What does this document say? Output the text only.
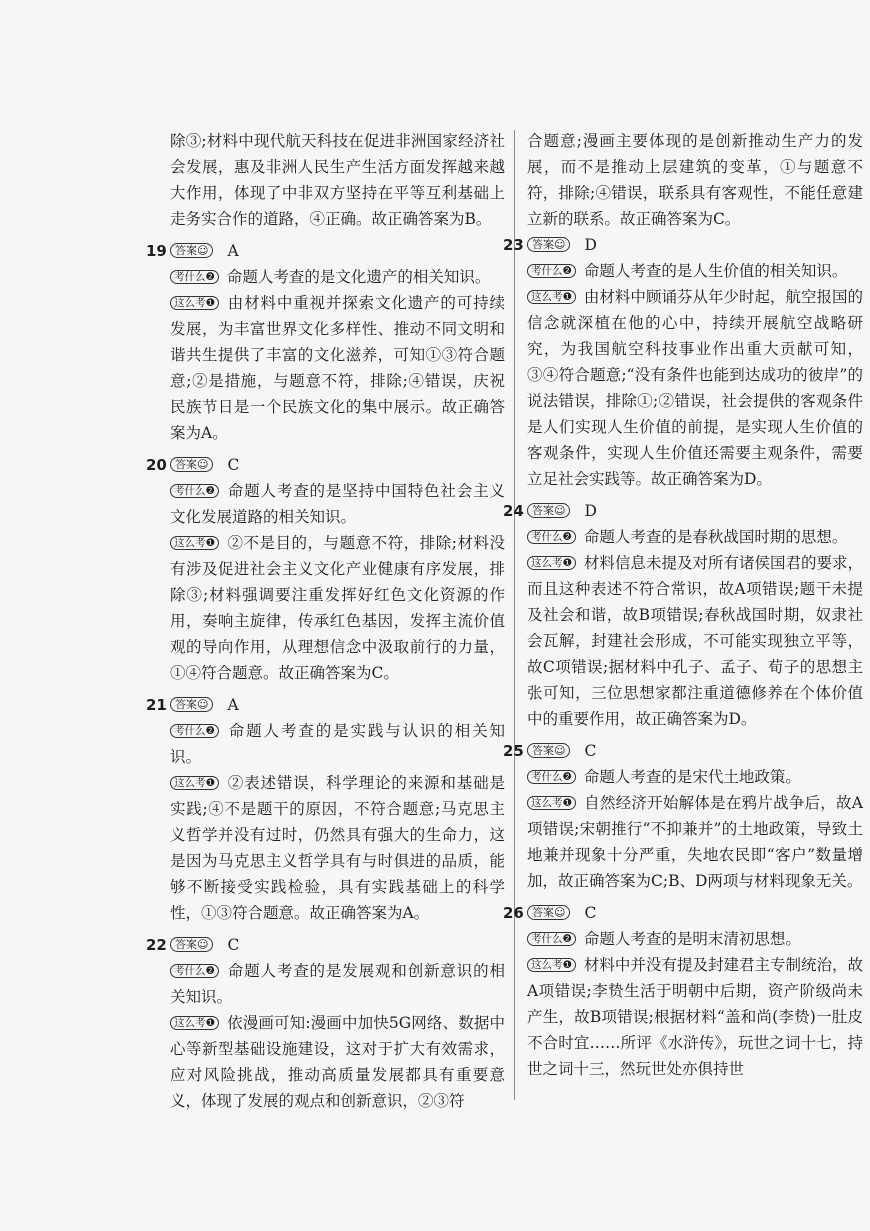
除③;材料中现代航天科技在促进非洲国家经济社会发展，惠及非洲人民生产生活方面发挥越来越大作用，体现了中非双方坚持在平等互利基础上走务实合作的道路，④正确。故正确答案为B。

19 答案☺ A

考什么❷ 命题人考查的是文化遗产的相关知识。

这么考❶ 由材料中重视并探索文化遗产的可持续发展，为丰富世界文化多样性、推动不同文明和谐共生提供了丰富的文化滋养，可知①③符合题意;②是措施，与题意不符，排除;④错误，庆祝民族节日是一个民族文化的集中展示。故正确答案为A。

20 答案☺ C

考什么❷ 命题人考查的是坚持中国特色社会主义文化发展道路的相关知识。

这么考❶ ②不是目的，与题意不符，排除;材料没有涉及促进社会主义文化产业健康有序发展，排除③;材料强调要注重发挥好红色文化资源的作用，奏响主旋律，传承红色基因，发挥主流价值观的导向作用，从理想信念中汲取前行的力量，①④符合题意。故正确答案为C。

21 答案☺ A

考什么❷ 命题人考查的是实践与认识的相关知识。

这么考❶ ②表述错误，科学理论的来源和基础是实践;④不是题干的原因，不符合题意;马克思主义哲学并没有过时，仍然具有强大的生命力，这是因为马克思主义哲学具有与时俱进的品质，能够不断接受实践检验，具有实践基础上的科学性，①③符合题意。故正确答案为A。

22 答案☺ C

考什么❷ 命题人考查的是发展观和创新意识的相关知识。

这么考❶ 依漫画可知:漫画中加快5G网络、数据中心等新型基础设施建设，这对于扩大有效需求，应对风险挑战，推动高质量发展都具有重要意义，体现了发展的观点和创新意识，②③符

合题意;漫画主要体现的是创新推动生产力的发展，而不是推动上层建筑的变革，①与题意不符，排除;④错误，联系具有客观性，不能任意建立新的联系。故正确答案为C。

23 答案☺ D

考什么❷ 命题人考查的是人生价值的相关知识。

这么考❶ 由材料中顾诵芬从年少时起，航空报国的信念就深植在他的心中，持续开展航空战略研究，为我国航空科技事业作出重大贡献可知，③④符合题意;“没有条件也能到达成功的彼岸”的说法错误，排除①;②错误，社会提供的客观条件是人们实现人生价值的前提，是实现人生价值的客观条件，实现人生价值还需要主观条件，需要立足社会实践等。故正确答案为D。

24 答案☺ D

考什么❷ 命题人考查的是春秋战国时期的思想。

这么考❶ 材料信息未提及对所有诸侯国君的要求，而且这种表述不符合常识，故A项错误;题干未提及社会和谐，故B项错误;春秋战国时期，奴隶社会瓦解，封建社会形成，不可能实现独立平等，故C项错误;据材料中孔子、孟子、荀子的思想主张可知，三位思想家都注重道德修养在个体价值中的重要作用，故正确答案为D。

25 答案☺ C

考什么❷ 命题人考查的是宋代土地政策。

这么考❶ 自然经济开始解体是在鸦片战争后，故A项错误;宋朝推行“不抑兼并”的土地政策，导致土地兼并现象十分严重，失地农民即“客户”数量增加，故正确答案为C;B、D两项与材料现象无关。

26 答案☺ C

考什么❷ 命题人考查的是明末清初思想。

这么考❶ 材料中并没有提及封建君主专制统治，故A项错误;李贽生活于明朝中后期，资产阶级尚未产生，故B项错误;根据材料“盖和尚(李贽)一肚皮不合时宜……所评《水浒传》，玩世之词十七，持世之词十三，然玩世处亦俱持世
